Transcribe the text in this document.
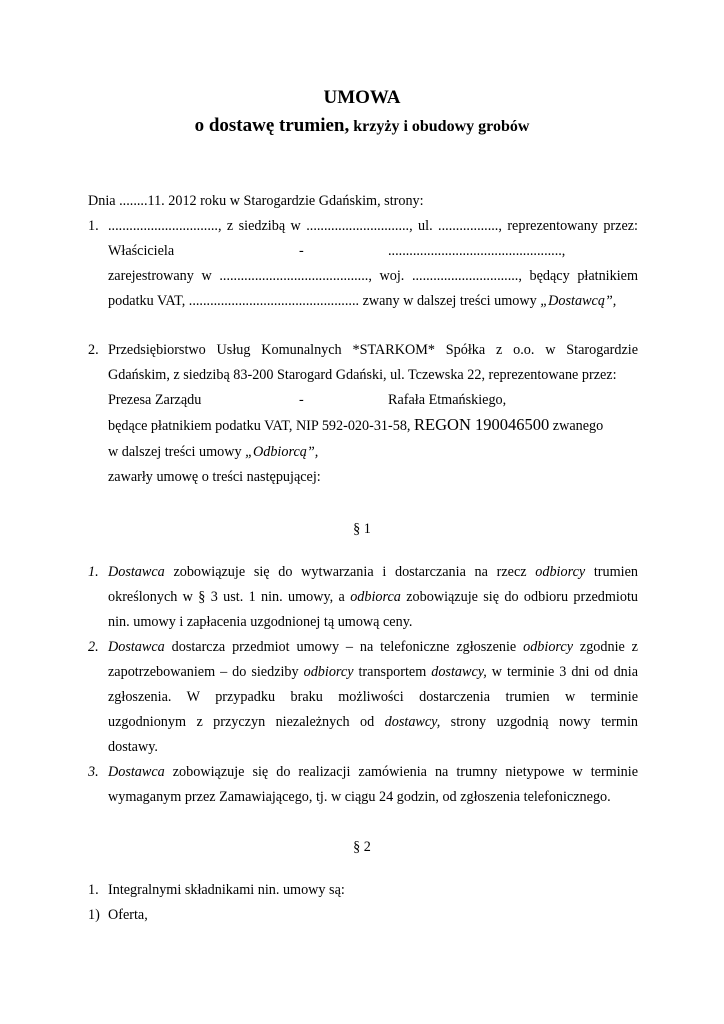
UMOWA
o dostawę trumien, krzyży i obudowy grobów
Dnia ........11. 2012 roku w Starogardzie Gdańskim, strony:
1. ..............................., z siedzibą w ............................., ul. ................., reprezentowany przez:
Właściciela	-	.................................................,
zarejestrowany w .........................................., woj. .............................., będący płatnikiem
podatku VAT, ................................................ zwany w dalszej treści umowy „Dostawcą”,
2. Przedsiębiorstwo Usług Komunalnych *STARKOM* Spółka z o.o. w Starogardzie
Gdańskim, z siedzibą 83-200 Starogard Gdański, ul. Tczewska 22, reprezentowane przez:
Prezesa Zarządu	-	Rafała Etmańskiego,
będące płatnikiem podatku VAT, NIP 592-020-31-58, REGON 190046500 zwanego
w dalszej treści umowy „Odbiorcą”,
zawarły umowę o treści następującej:
§ 1
1. Dostawca zobowiązuje się do wytwarzania i dostarczania na rzecz odbiorcy trumien
określonych w § 3 ust. 1 nin. umowy, a odbiorca zobowiązuje się do odbioru przedmiotu
nin. umowy i zapłacenia uzgodnionej tą umową ceny.
2. Dostawca dostarcza przedmiot umowy – na telefoniczne zgłoszenie odbiorcy zgodnie z
zapotrzebowaniem – do siedziby odbiorcy transportem dostawcy, w terminie 3 dni od dnia
zgłoszenia. W przypadku braku możliwości dostarczenia trumien w terminie
uzgodnionym z przyczyn niezależnych od dostawcy, strony uzgodnią nowy termin
dostawy.
3. Dostawca zobowiązuje się do realizacji zamówienia na trumny nietypowe w terminie
wymaganym przez Zamawiającego, tj. w ciągu 24 godzin, od zgłoszenia telefonicznego.
§ 2
1. Integralnymi składnikami nin. umowy są:
1) Oferta,
